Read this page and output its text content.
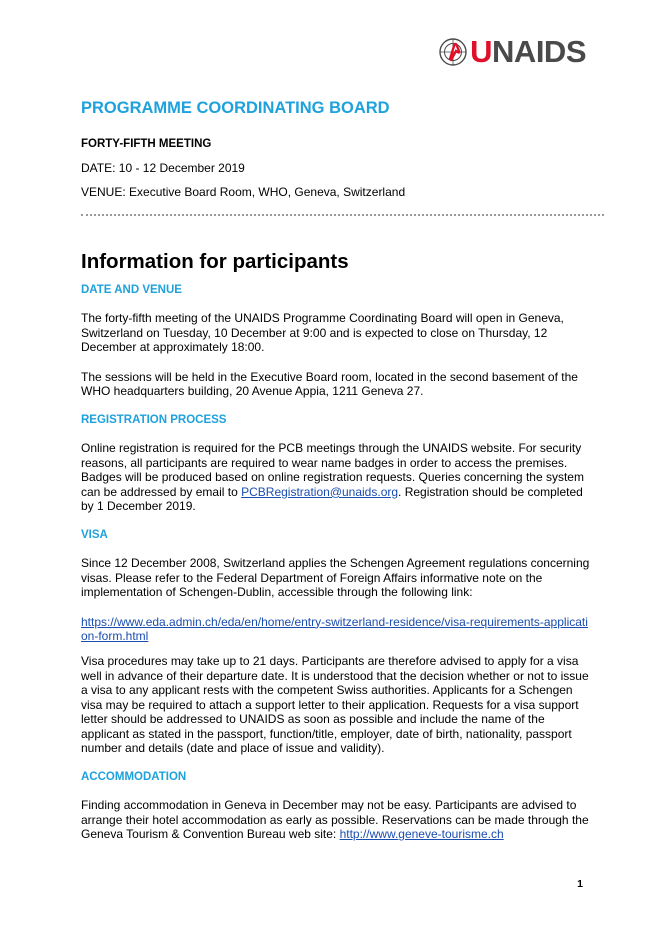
UNAIDS
PROGRAMME COORDINATING BOARD

FORTY-FIFTH MEETING

DATE: 10 - 12 December 2019

VENUE: Executive Board Room, WHO, Geneva, Switzerland

Information for participants
DATE AND VENUE

The forty-fifth meeting of the UNAIDS Programme Coordinating Board will open in Geneva, Switzerland on Tuesday, 10 December at 9:00 and is expected to close on Thursday, 12 December at approximately 18:00.

The sessions will be held in the Executive Board room, located in the second basement of the WHO headquarters building, 20 Avenue Appia, 1211 Geneva 27.

REGISTRATION PROCESS

Online registration is required for the PCB meetings through the UNAIDS website. For security reasons, all participants are required to wear name badges in order to access the premises. Badges will be produced based on online registration requests. Queries concerning the system can be addressed by email to PCBRegistration@unaids.org. Registration should be completed by 1 December 2019.

VISA

Since 12 December 2008, Switzerland applies the Schengen Agreement regulations concerning visas. Please refer to the Federal Department of Foreign Affairs informative note on the implementation of Schengen-Dublin, accessible through the following link:

https://www.eda.admin.ch/eda/en/home/entry-switzerland-residence/visa-requirements-application-form.html

Visa procedures may take up to 21 days. Participants are therefore advised to apply for a visa well in advance of their departure date. It is understood that the decision whether or not to issue a visa to any applicant rests with the competent Swiss authorities. Applicants for a Schengen visa may be required to attach a support letter to their application. Requests for a visa support letter should be addressed to UNAIDS as soon as possible and include the name of the applicant as stated in the passport, function/title, employer, date of birth, nationality, passport number and details (date and place of issue and validity).

ACCOMMODATION

Finding accommodation in Geneva in December may not be easy. Participants are advised to arrange their hotel accommodation as early as possible. Reservations can be made through the Geneva Tourism & Convention Bureau web site: http://www.geneve-tourisme.ch

1
